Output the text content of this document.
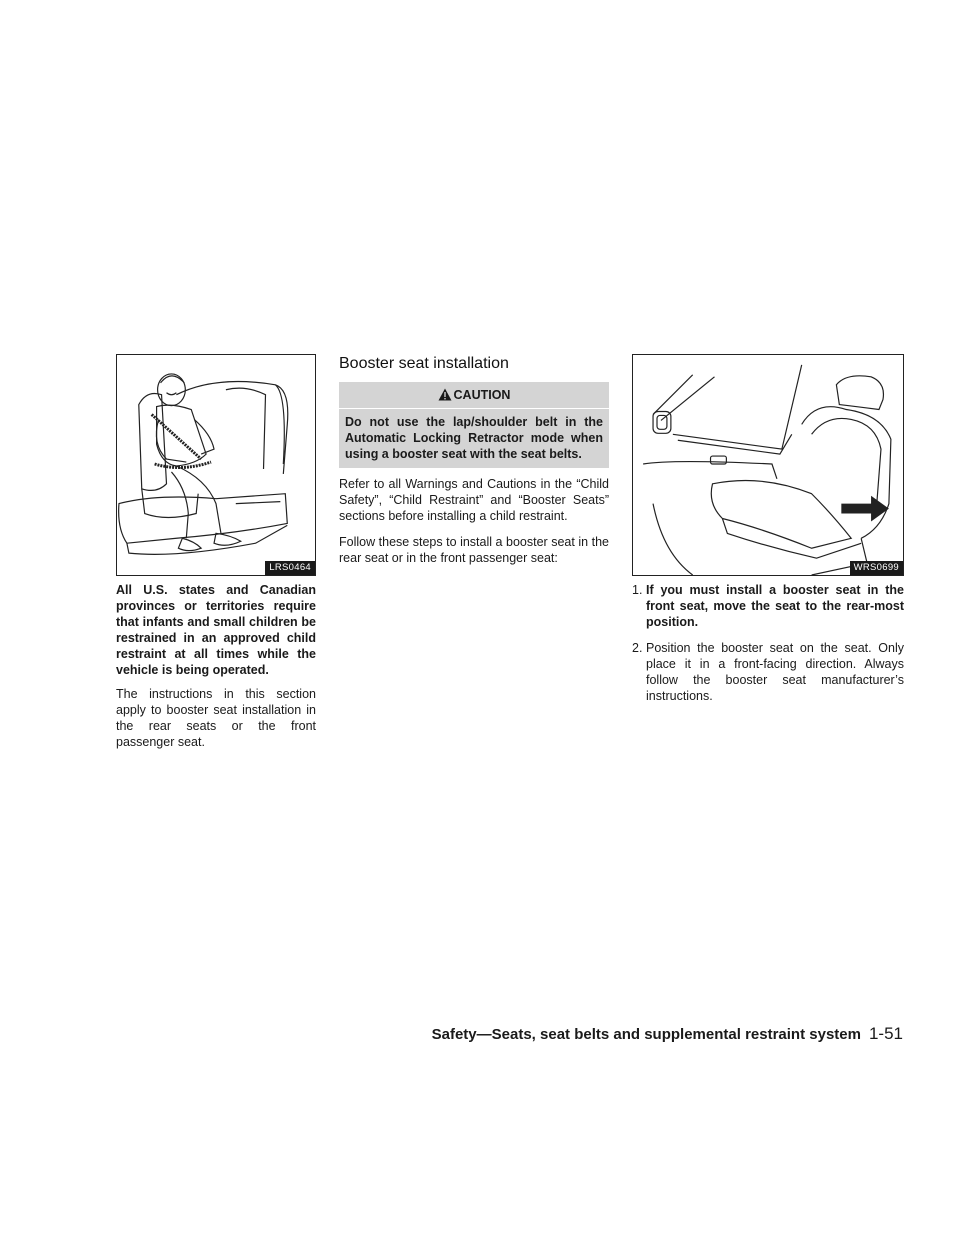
LRS0464

All U.S. states and Canadian provinces or territories require that infants and small children be restrained in an approved child restraint at all times while the vehicle is being operated.

The instructions in this section apply to booster seat installation in the rear seats or the front passenger seat.

Booster seat installation
CAUTION
Do not use the lap/shoulder belt in the Automatic Locking Retractor mode when using a booster seat with the seat belts.

Refer to all Warnings and Cautions in the “Child Safety”, “Child Restraint” and “Booster Seats” sections before installing a child restraint.

Follow these steps to install a booster seat in the rear seat or in the front passenger seat:

WRS0699
1. If you must install a booster seat in the front seat, move the seat to the rear-most position.
2. Position the booster seat on the seat. Only place it in a front-facing direction. Always follow the booster seat manufacturer’s instructions.
Safety—Seats, seat belts and supplemental restraint system 1-51
